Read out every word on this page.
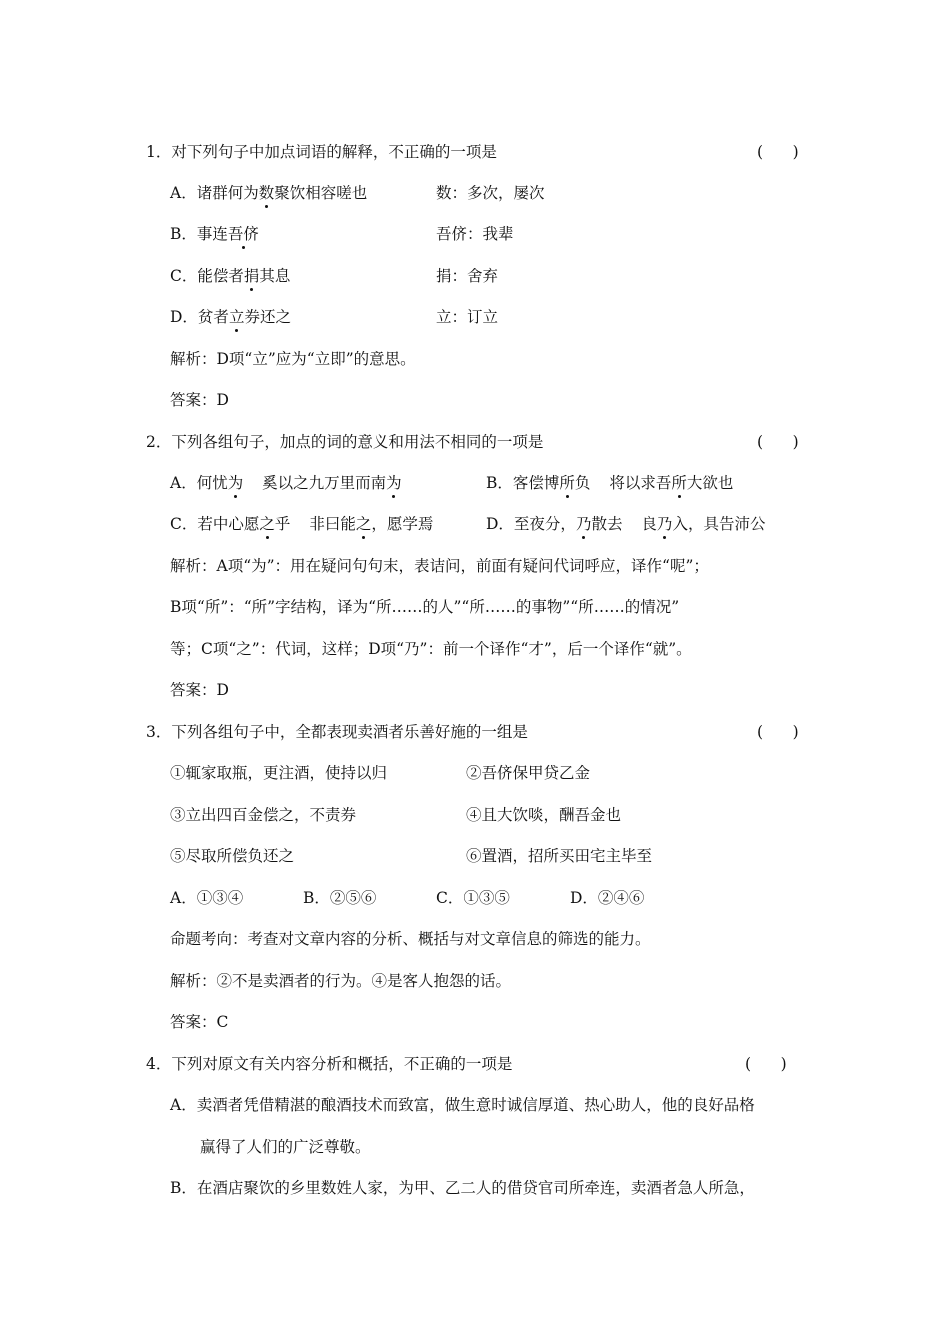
1．对下列句子中加点词语的解释，不正确的一项是	(      )
A．诸群何为数聚饮相容嗟也	数：多次，屡次
B．事连吾侪	吾侪：我辈
C．能偿者捐其息	捐：舍弃
D．贫者立券还之	立：订立
解析：D项“立”应为“立即”的意思。
答案：D
2．下列各组句子，加点的词的意义和用法不相同的一项是	(      )
A．何忧为 奚以之九万里而南为	B．客偿博所负 将以求吾所大欲也
C．若中心愿之乎 非曰能之，愿学焉	D．至夜分，乃散去 良乃入，具告沛公
解析：A项“为”：用在疑问句句末，表诘问，前面有疑问代词呼应，译作“呢”；
B项“所”：“所”字结构，译为“所……的人”“所……的事物”“所……的情况”
等；C项“之”：代词，这样；D项“乃”：前一个译作“才”，后一个译作“就”。
答案：D
3．下列各组句子中，全都表现卖酒者乐善好施的一组是	(      )
①辄家取瓶，更注酒，使持以归	②吾侪保甲贷乙金
③立出四百金偿之，不责券	④且大饮啖，酬吾金也
⑤尽取所偿负还之	⑥置酒，招所买田宅主毕至
A．①③④	B．②⑤⑥	C．①③⑤	D．②④⑥
命题考向：考查对文章内容的分析、概括与对文章信息的筛选的能力。
解析：②不是卖酒者的行为。④是客人抱怨的话。
答案：C
4．下列对原文有关内容分析和概括，不正确的一项是	(      )
A．卖酒者凭借精湛的酿酒技术而致富，做生意时诚信厚道、热心助人，他的良好品格
赢得了人们的广泛尊敬。
B．在酒店聚饮的乡里数姓人家，为甲、乙二人的借贷官司所牵连，卖酒者急人所急，
